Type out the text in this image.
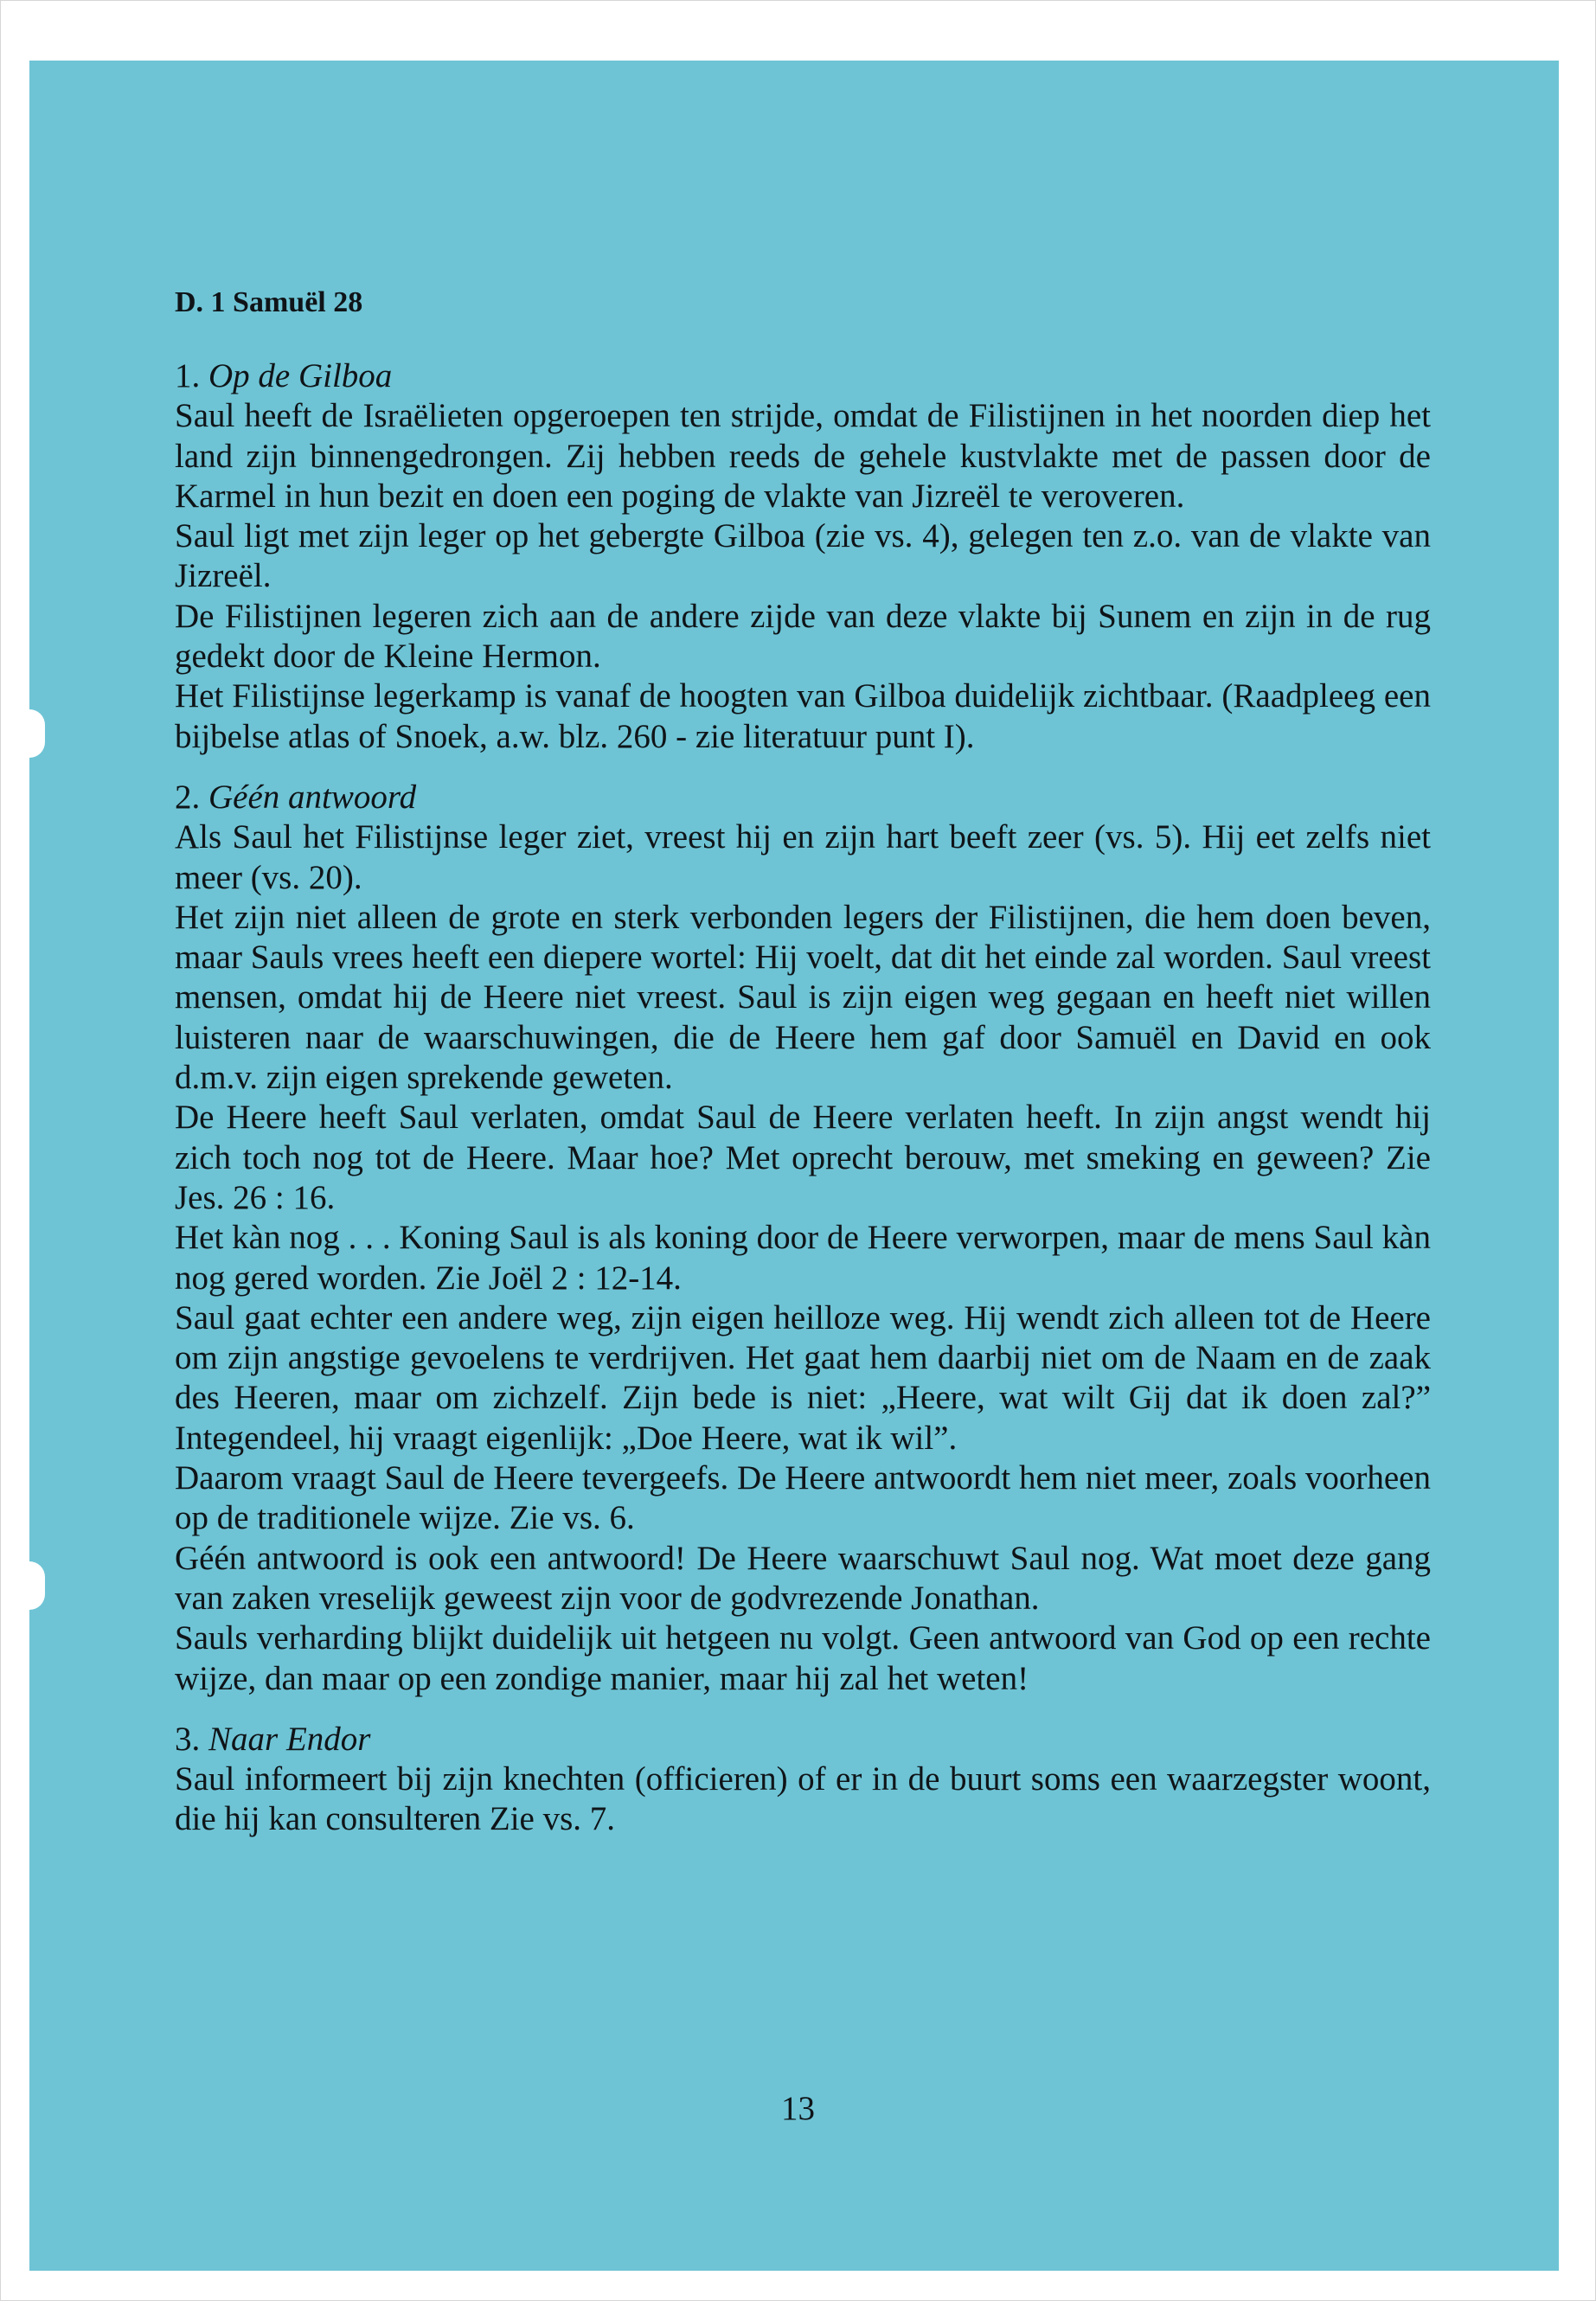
D. 1 Samuël 28
1. Op de Gilboa

Saul heeft de Israëlieten opgeroepen ten strijde, omdat de Filistijnen in het noorden diep het land zijn binnengedrongen. Zij hebben reeds de gehele kustvlakte met de passen door de Karmel in hun bezit en doen een poging de vlakte van Jizreël te veroveren.

Saul ligt met zijn leger op het gebergte Gilboa (zie vs. 4), gelegen ten z.o. van de vlakte van Jizreël.

De Filistijnen legeren zich aan de andere zijde van deze vlakte bij Sunem en zijn in de rug gedekt door de Kleine Hermon.

Het Filistijnse legerkamp is vanaf de hoogten van Gilboa duidelijk zichtbaar. (Raadpleeg een bijbelse atlas of Snoek, a.w. blz. 260 - zie literatuur punt I).

2. Géén antwoord

Als Saul het Filistijnse leger ziet, vreest hij en zijn hart beeft zeer (vs. 5). Hij eet zelfs niet meer (vs. 20).

Het zijn niet alleen de grote en sterk verbonden legers der Filistijnen, die hem doen beven, maar Sauls vrees heeft een diepere wortel: Hij voelt, dat dit het einde zal worden. Saul vreest mensen, omdat hij de Heere niet vreest. Saul is zijn eigen weg gegaan en heeft niet willen luisteren naar de waarschuwingen, die de Heere hem gaf door Samuël en David en ook d.m.v. zijn eigen sprekende geweten.

De Heere heeft Saul verlaten, omdat Saul de Heere verlaten heeft. In zijn angst wendt hij zich toch nog tot de Heere. Maar hoe? Met oprecht berouw, met smeking en geween? Zie Jes. 26 : 16.

Het kàn nog . . . Koning Saul is als koning door de Heere verworpen, maar de mens Saul kàn nog gered worden. Zie Joël 2 : 12-14.

Saul gaat echter een andere weg, zijn eigen heilloze weg. Hij wendt zich alleen tot de Heere om zijn angstige gevoelens te verdrijven. Het gaat hem daarbij niet om de Naam en de zaak des Heeren, maar om zichzelf. Zijn bede is niet: „Heere, wat wilt Gij dat ik doen zal?” Integendeel, hij vraagt eigenlijk: „Doe Heere, wat ik wil”.

Daarom vraagt Saul de Heere tevergeefs. De Heere antwoordt hem niet meer, zoals voorheen op de traditionele wijze. Zie vs. 6.

Géén antwoord is ook een antwoord! De Heere waarschuwt Saul nog. Wat moet deze gang van zaken vreselijk geweest zijn voor de godvrezende Jonathan.

Sauls verharding blijkt duidelijk uit hetgeen nu volgt. Geen antwoord van God op een rechte wijze, dan maar op een zondige manier, maar hij zal het weten!

3. Naar Endor

Saul informeert bij zijn knechten (officieren) of er in de buurt soms een waarzegster woont, die hij kan consulteren Zie vs. 7.

13
